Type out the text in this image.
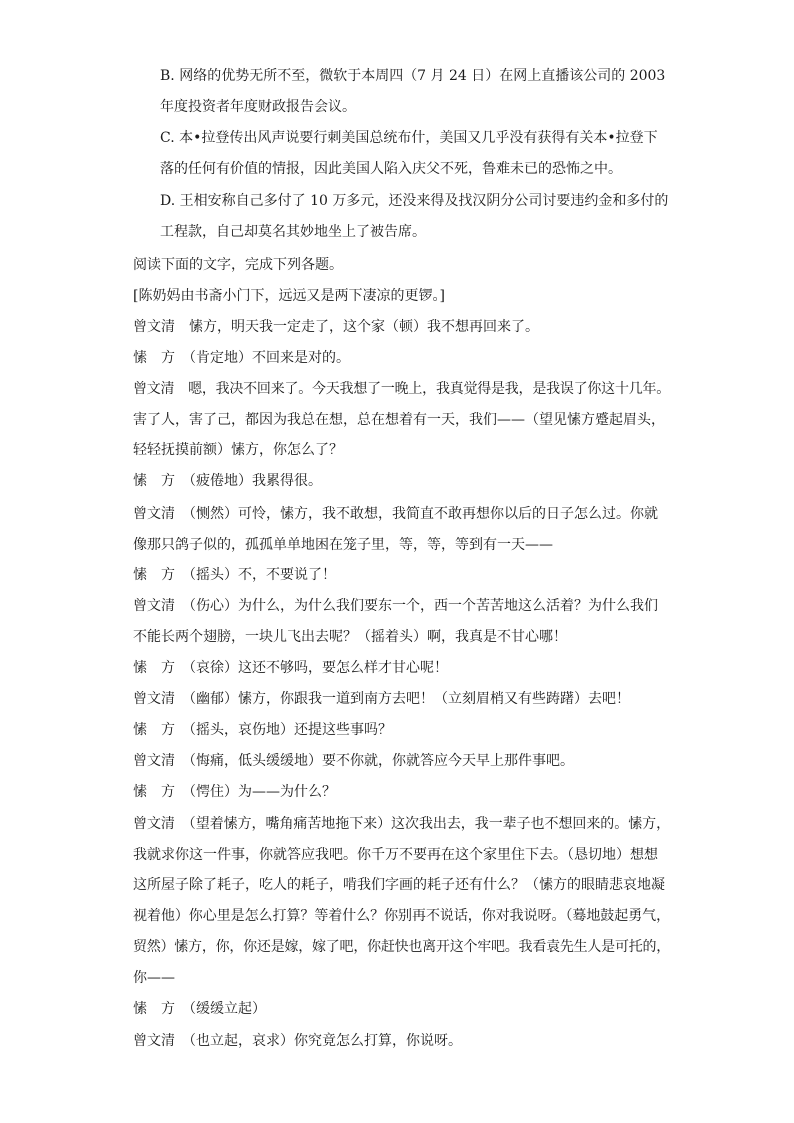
B. 网络的优势无所不至，微软于本周四（7 月 24 日）在网上直播该公司的 2003
年度投资者年度财政报告会议。
C. 本•拉登传出风声说要行刺美国总统布什，美国又几乎没有获得有关本•拉登下
落的任何有价值的情报，因此美国人陷入庆父不死，鲁难未已的恐怖之中。
D. 王相安称自己多付了 10 万多元，还没来得及找汉阴分公司讨要违约金和多付的
工程款，自己却莫名其妙地坐上了被告席。
阅读下面的文字，完成下列各题。
[陈奶妈由书斋小门下，远远又是两下凄凉的更锣。]
曾文清　愫方，明天我一定走了，这个家（顿）我不想再回来了。
愫　方　（肯定地）不回来是对的。
曾文清　嗯，我决不回来了。今天我想了一晚上，我真觉得是我，是我误了你这十几年。
害了人，害了己，都因为我总在想，总在想着有一天，我们——（望见愫方蹙起眉头，
轻轻抚摸前额）愫方，你怎么了？
愫　方　（疲倦地）我累得很。
曾文清　（恻然）可怜，愫方，我不敢想，我简直不敢再想你以后的日子怎么过。你就
像那只鸽子似的，孤孤单单地困在笼子里，等，等，等到有一天——
愫　方　（摇头）不，不要说了！
曾文清　（伤心）为什么，为什么我们要东一个，西一个苦苦地这么活着？为什么我们
不能长两个翅膀，一块儿飞出去呢？（摇着头）啊，我真是不甘心哪！
愫　方　（哀徐）这还不够吗，要怎么样才甘心呢！
曾文清　（幽郁）愫方，你跟我一道到南方去吧！（立刻眉梢又有些踌躇）去吧！
愫　方　（摇头，哀伤地）还提这些事吗？
曾文清　（悔痛，低头缓缓地）要不你就，你就答应今天早上那件事吧。
愫　方　（愕住）为——为什么？
曾文清　（望着愫方，嘴角痛苦地拖下来）这次我出去，我一辈子也不想回来的。愫方，
我就求你这一件事，你就答应我吧。你千万不要再在这个家里住下去。（恳切地）想想
这所屋子除了耗子，吃人的耗子，啃我们字画的耗子还有什么？（愫方的眼睛悲哀地凝
视着他）你心里是怎么打算？等着什么？你别再不说话，你对我说呀。（蓦地鼓起勇气，
贸然）愫方，你，你还是嫁，嫁了吧，你赶快也离开这个牢吧。我看袁先生人是可托的，
你——
愫　方　（缓缓立起）
曾文清　（也立起，哀求）你究竟怎么打算，你说呀。
